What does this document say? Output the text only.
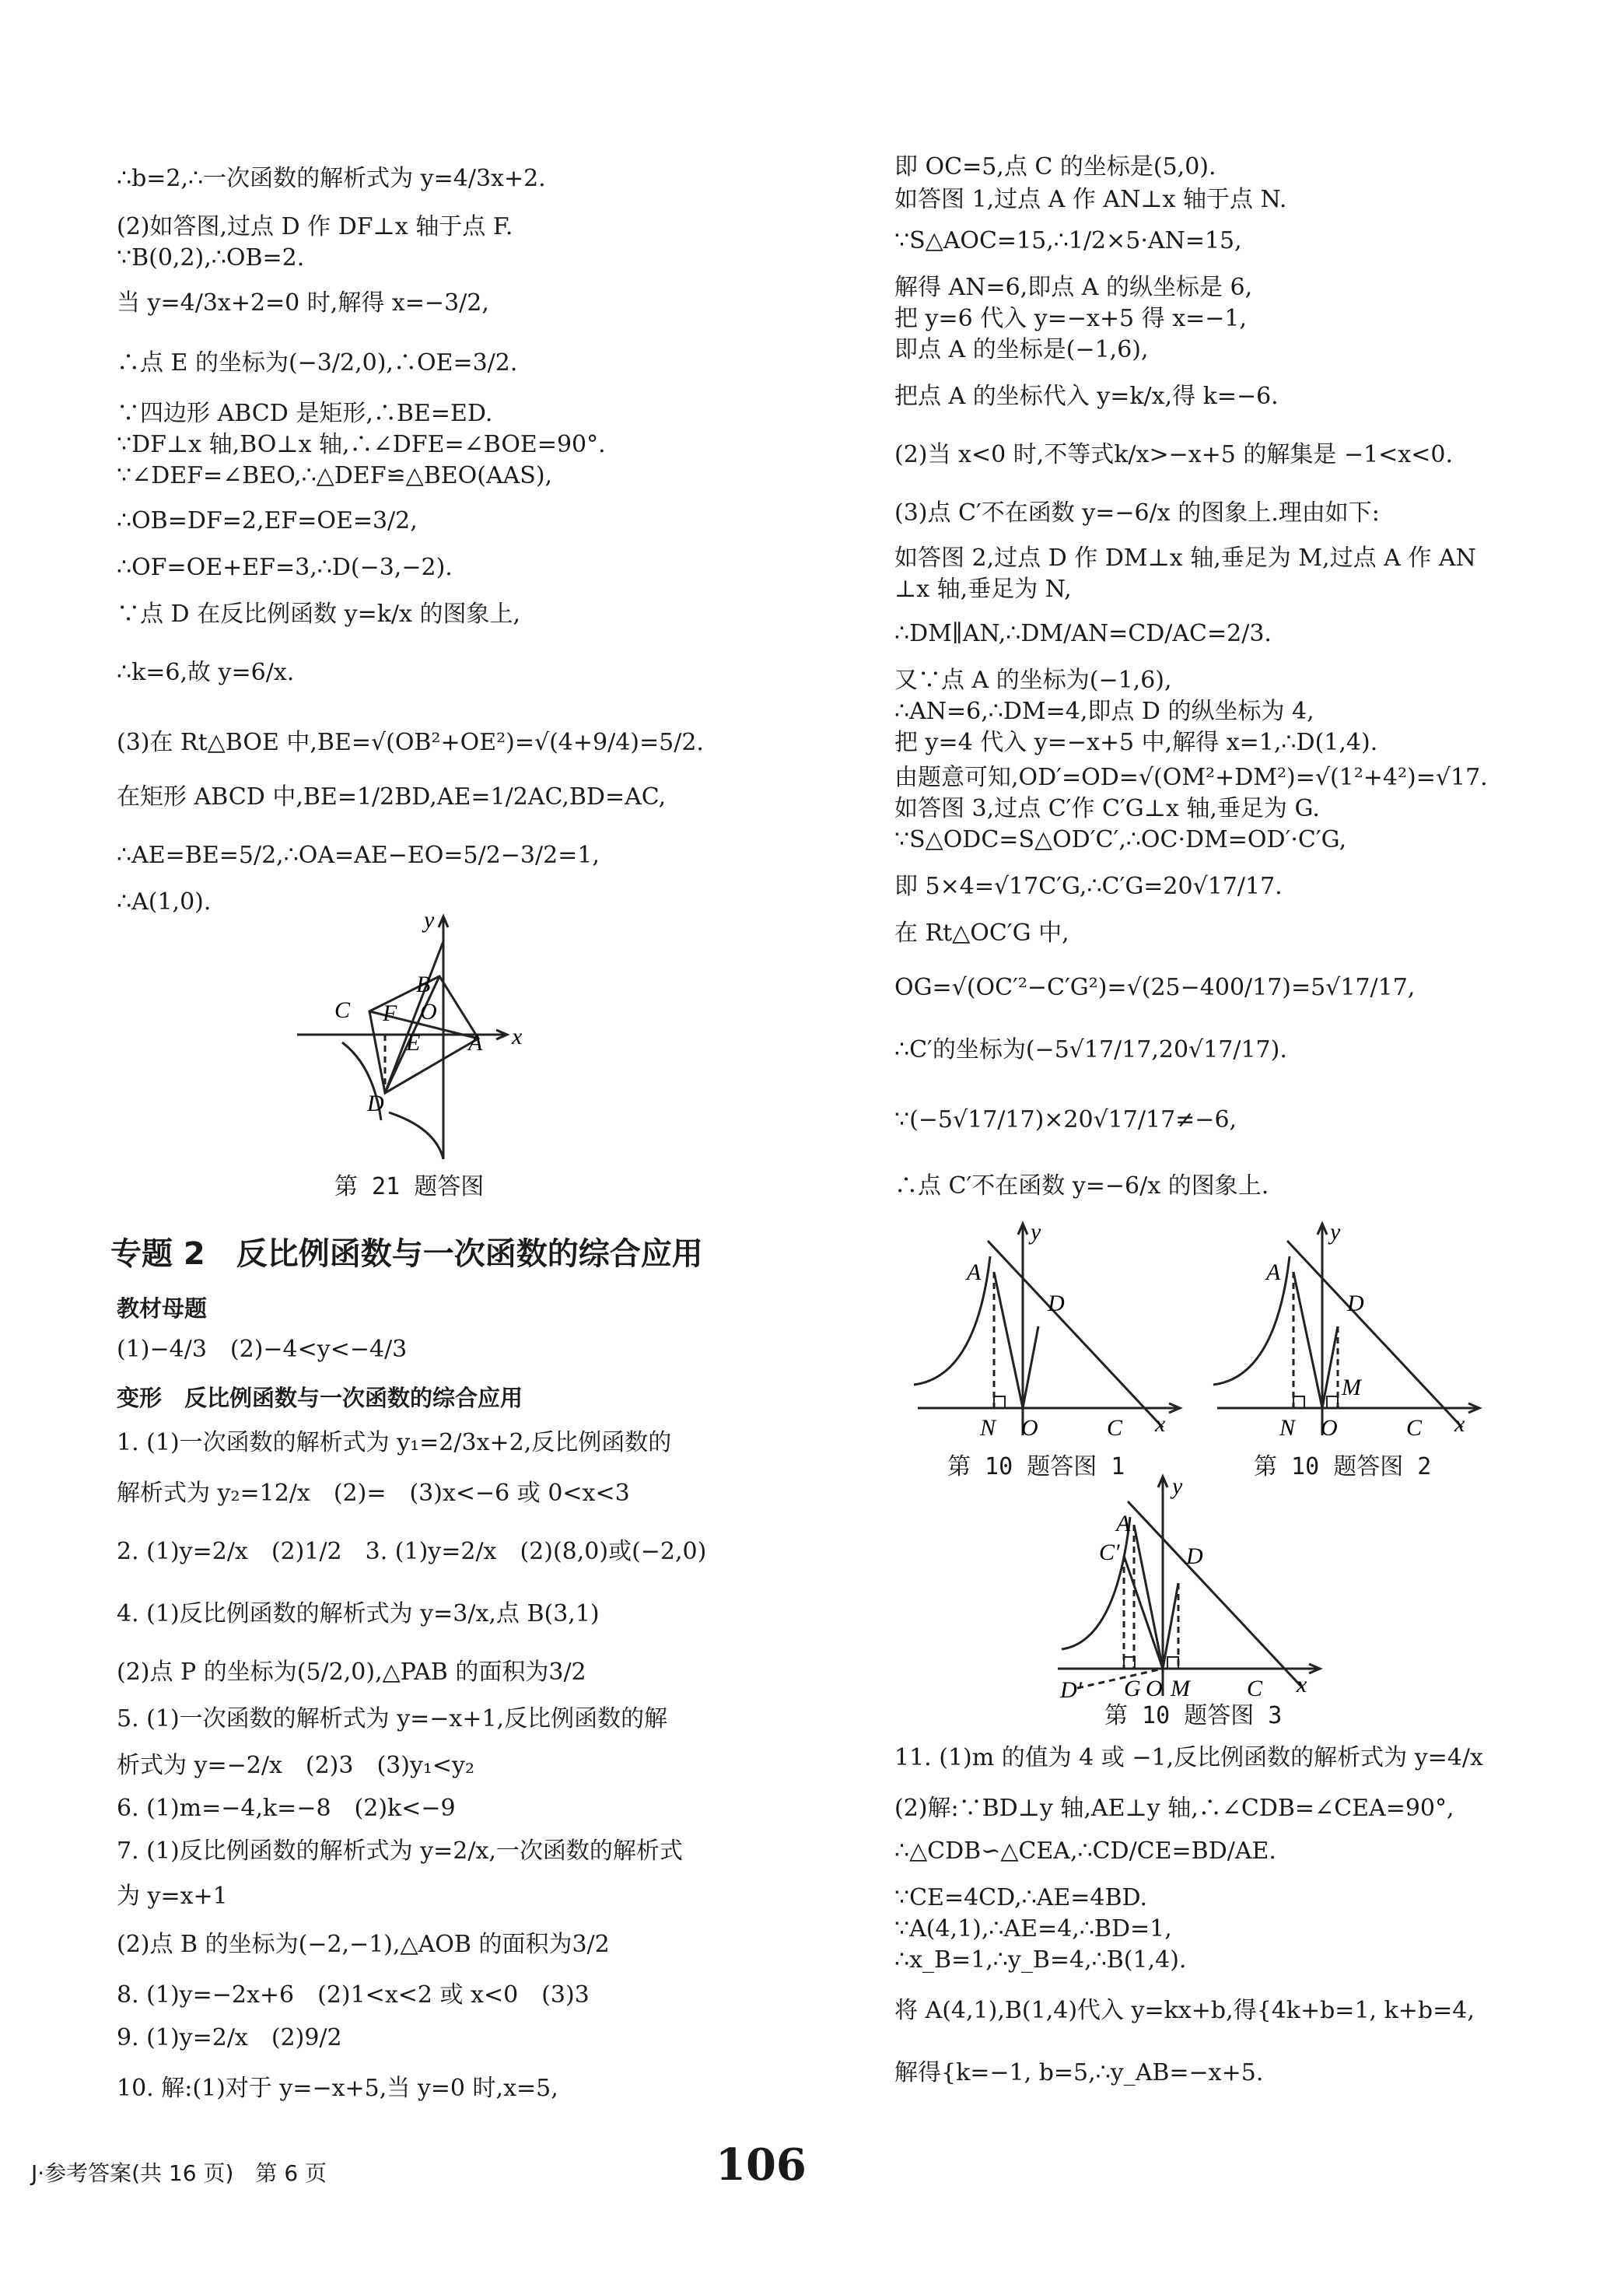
∴b=2,∴一次函数的解析式为 y=4/3x+2.
(2)如答图,过点 D 作 DF⊥x 轴于点 F.
∵B(0,2),∴OB=2.
当 y=4/3x+2=0 时,解得 x=−3/2,
∴点 E 的坐标为(−3/2,0),∴OE=3/2.
∵四边形 ABCD 是矩形,∴BE=ED.
∵DF⊥x 轴,BO⊥x 轴,∴∠DFE=∠BOE=90°.
∵∠DEF=∠BEO,∴△DEF≌△BEO(AAS),
∴OB=DF=2,EF=OE=3/2,
∴OF=OE+EF=3,∴D(−3,−2).
∵点 D 在反比例函数 y=k/x 的图象上,
∴k=6,故 y=6/x.
(3)在 Rt△BOE 中,BE=√(OB²+OE²)=√(4+9/4)=5/2.
在矩形 ABCD 中,BE=1/2BD,AE=1/2AC,BD=AC,
∴AE=BE=5/2,∴OA=AE−EO=5/2−3/2=1,
∴A(1,0).
y
B
C F O
E A x
D
第 21 题答图
专题 2　反比例函数与一次函数的综合应用
教材母题
(1)−4/3　(2)−4<y<−4/3
变形　反比例函数与一次函数的综合应用
1. (1)一次函数的解析式为 y₁=2/3x+2,反比例函数的
解析式为 y₂=12/x　(2)=　(3)x<−6 或 0<x<3
2. (1)y=2/x　(2)1/2　3. (1)y=2/x　(2)(8,0)或(−2,0)
4. (1)反比例函数的解析式为 y=3/x,点 B(3,1)
(2)点 P 的坐标为(5/2,0),△PAB 的面积为3/2
5. (1)一次函数的解析式为 y=−x+1,反比例函数的解
析式为 y=−2/x　(2)3　(3)y₁<y₂
6. (1)m=−4,k=−8　(2)k<−9
7. (1)反比例函数的解析式为 y=2/x,一次函数的解析式
为 y=x+1
(2)点 B 的坐标为(−2,−1),△AOB 的面积为3/2
8. (1)y=−2x+6　(2)1<x<2 或 x<0　(3)3
9. (1)y=2/x　(2)9/2
10. 解:(1)对于 y=−x+5,当 y=0 时,x=5,
即 OC=5,点 C 的坐标是(5,0).
如答图 1,过点 A 作 AN⊥x 轴于点 N.
∵S△AOC=15,∴1/2×5·AN=15,
解得 AN=6,即点 A 的纵坐标是 6,
把 y=6 代入 y=−x+5 得 x=−1,
即点 A 的坐标是(−1,6),
把点 A 的坐标代入 y=k/x,得 k=−6.
(2)当 x<0 时,不等式k/x>−x+5 的解集是 −1<x<0.
(3)点 C′不在函数 y=−6/x 的图象上.理由如下:
如答图 2,过点 D 作 DM⊥x 轴,垂足为 M,过点 A 作 AN
⊥x 轴,垂足为 N,
∴DM∥AN,∴DM/AN=CD/AC=2/3.
又∵点 A 的坐标为(−1,6),
∴AN=6,∴DM=4,即点 D 的纵坐标为 4,
把 y=4 代入 y=−x+5 中,解得 x=1,∴D(1,4).
由题意可知,OD′=OD=√(OM²+DM²)=√(1²+4²)=√17.
如答图 3,过点 C′作 C′G⊥x 轴,垂足为 G.
∵S△ODC=S△OD′C′,∴OC·DM=OD′·C′G,
即 5×4=√17C′G,∴C′G=20√17/17.
在 Rt△OC′G 中,
OG=√(OC′²−C′G²)=√(25−400/17)=5√17/17,
∴C′的坐标为(−5√17/17,20√17/17).
∵(−5√17/17)×20√17/17≠−6,
∴点 C′不在函数 y=−6/x 的图象上.
y
A
D
N O	C x
第 10 题答图 1
y
A
D
M
N O	C x
第 10 题答图 2
y
A
C′	D
D′ G O M C x
第 10 题答图 3
11. (1)m 的值为 4 或 −1,反比例函数的解析式为 y=4/x
(2)解:∵BD⊥y 轴,AE⊥y 轴,∴∠CDB=∠CEA=90°,
∴△CDB∽△CEA,∴CD/CE=BD/AE.
∵CE=4CD,∴AE=4BD.
∵A(4,1),∴AE=4,∴BD=1,
∴x_B=1,∴y_B=4,∴B(1,4).
将 A(4,1),B(1,4)代入 y=kx+b,得{4k+b=1, k+b=4,
解得{k=−1, b=5,∴y_AB=−x+5.
J·参考答案(共 16 页)　第 6 页	106
